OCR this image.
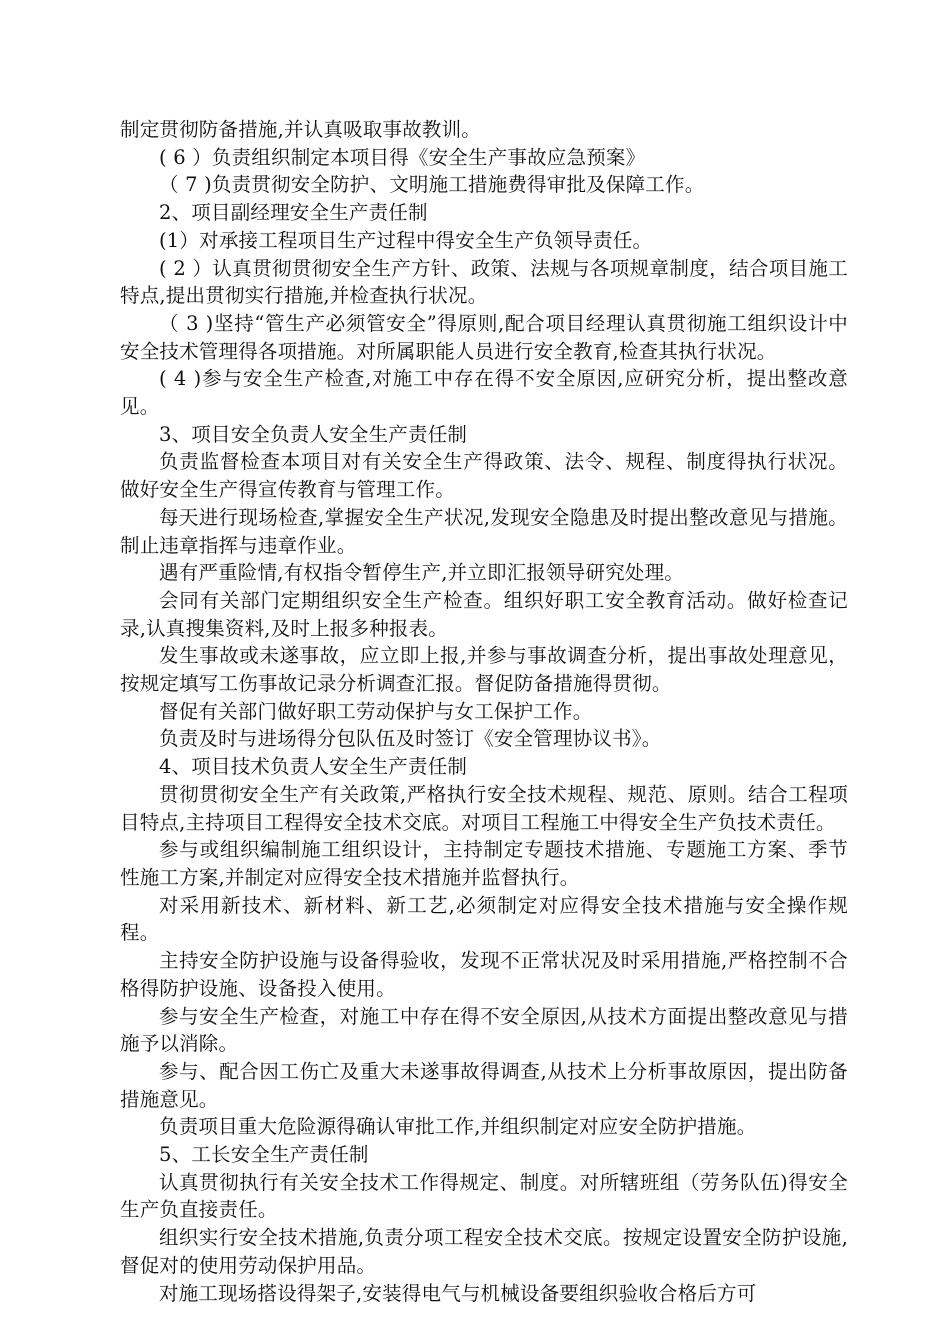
制定贯彻防备措施,并认真吸取事故教训。

( 6 ）负责组织制定本项目得《安全生产事故应急预案》

（ 7 )负责贯彻安全防护、文明施工措施费得审批及保障工作。

2、项目副经理安全生产责任制

(1）对承接工程项目生产过程中得安全生产负领导责任。

( 2 ）认真贯彻贯彻安全生产方针、政策、法规与各项规章制度，结合项目施工特点,提出贯彻实行措施,并检查执行状况。

（ 3 )坚持“管生产必须管安全”得原则,配合项目经理认真贯彻施工组织设计中安全技术管理得各项措施。对所属职能人员进行安全教育,检查其执行状况。

( 4 )参与安全生产检查,对施工中存在得不安全原因,应研究分析，提出整改意见。

3、项目安全负责人安全生产责任制

负责监督检查本项目对有关安全生产得政策、法令、规程、制度得执行状况。做好安全生产得宣传教育与管理工作。

每天进行现场检查,掌握安全生产状况,发现安全隐患及时提出整改意见与措施。制止违章指挥与违章作业。

遇有严重险情,有权指令暂停生产,并立即汇报领导研究处理。

会同有关部门定期组织安全生产检查。组织好职工安全教育活动。做好检查记录,认真搜集资料,及时上报多种报表。

发生事故或未遂事故，应立即上报,并参与事故调查分析，提出事故处理意见，按规定填写工伤事故记录分析调查汇报。督促防备措施得贯彻。

督促有关部门做好职工劳动保护与女工保护工作。

负责及时与进场得分包队伍及时签订《安全管理协议书》。

4、项目技术负责人安全生产责任制

贯彻贯彻安全生产有关政策,严格执行安全技术规程、规范、原则。结合工程项目特点,主持项目工程得安全技术交底。对项目工程施工中得安全生产负技术责任。

参与或组织编制施工组织设计，主持制定专题技术措施、专题施工方案、季节性施工方案,并制定对应得安全技术措施并监督执行。

对采用新技术、新材料、新工艺,必须制定对应得安全技术措施与安全操作规程。

主持安全防护设施与设备得验收，发现不正常状况及时采用措施,严格控制不合格得防护设施、设备投入使用。

参与安全生产检查，对施工中存在得不安全原因,从技术方面提出整改意见与措施予以消除。

参与、配合因工伤亡及重大未遂事故得调查,从技术上分析事故原因，提出防备措施意见。

负责项目重大危险源得确认审批工作,并组织制定对应安全防护措施。

5、工长安全生产责任制

认真贯彻执行有关安全技术工作得规定、制度。对所辖班组（劳务队伍)得安全生产负直接责任。

组织实行安全技术措施,负责分项工程安全技术交底。按规定设置安全防护设施,督促对的使用劳动保护用品。

对施工现场搭设得架子,安装得电气与机械设备要组织验收合格后方可
